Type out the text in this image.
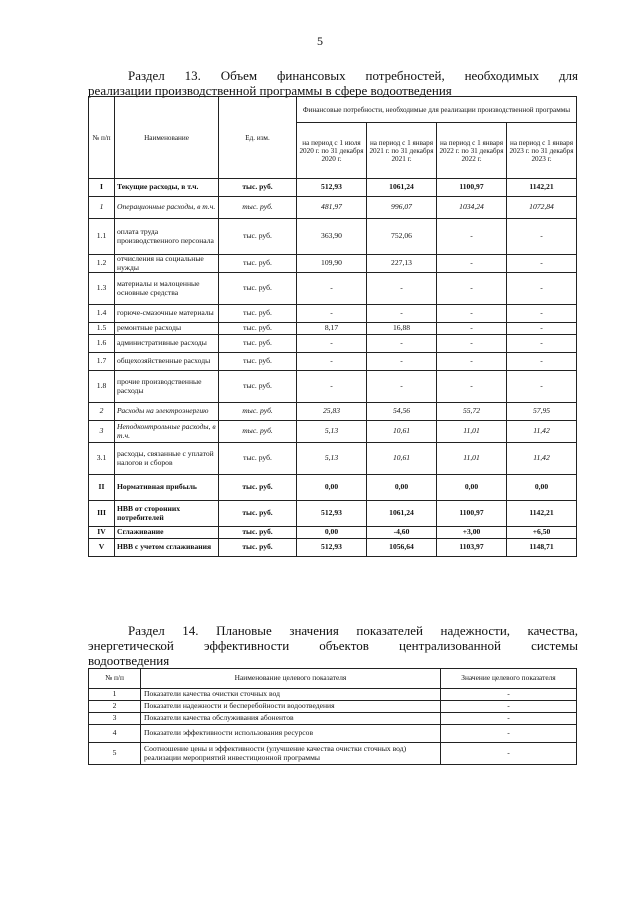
5
Раздел 13. Объем финансовых потребностей, необходимых для
реализации производственной программы в сфере водоотведения
№ п/п	Наименование	Ед. изм.	Финансовые потребности, необходимые для реализации производственной программы			
			на период с 1 июля 2020 г. по 31 декабря 2020 г.	на период с 1 января 2021 г. по 31 декабря 2021 г.	на период с 1 января 2022 г. по 31 декабря 2022 г.	на период с 1 января 2023 г. по 31 декабря 2023 г.
I	Текущие расходы, в т.ч.	тыс. руб.	512,93	1061,24	1100,97	1142,21
1	Операционные расходы, в т.ч.	тыс. руб.	481,97	996,07	1034,24	1072,84
1.1	оплата труда производственного персонала	тыс. руб.	363,90	752,06	-	-
1.2	отчисления на социальные нужды	тыс. руб.	109,90	227,13	-	-
1.3	материалы и малоценные основные средства	тыс. руб.	-	-	-	-
1.4	горюче-смазочные материалы	тыс. руб.	-	-	-	-
1.5	ремонтные расходы	тыс. руб.	8,17	16,88	-	-
1.6	административные расходы	тыс. руб.	-	-	-	-
1.7	общехозяйственные расходы	тыс. руб.	-	-	-	-
1.8	прочие производственные расходы	тыс. руб.	-	-	-	-
2	Расходы на электроэнергию	тыс. руб.	25,83	54,56	55,72	57,95
3	Неподконтрольные расходы, в т.ч.	тыс. руб.	5,13	10,61	11,01	11,42
3.1	расходы, связанные с уплатой налогов и сборов	тыс. руб.	5,13	10,61	11,01	11,42
II	Нормативная прибыль	тыс. руб.	0,00	0,00	0,00	0,00
III	НВВ от сторонних потребителей	тыс. руб.	512,93	1061,24	1100,97	1142,21
IV	Сглаживание	тыс. руб.	0,00	-4,60	+3,00	+6,50
V	НВВ с учетом сглаживания	тыс. руб.	512,93	1056,64	1103,97	1148,71
Раздел 14. Плановые значения показателей надежности, качества,
энергетической эффективности объектов централизованной системы
водоотведения
№ п/п	Наименование целевого показателя	Значение целевого показателя
1	Показатели качества очистки сточных вод	-
2	Показатели надежности и бесперебойности водоотведения	-
3	Показатели качества обслуживания абонентов	-
4	Показатели эффективности использования ресурсов	-
5	Соотношение цены и эффективности (улучшение качества очистки сточных вод) реализации мероприятий инвестиционной программы	-
